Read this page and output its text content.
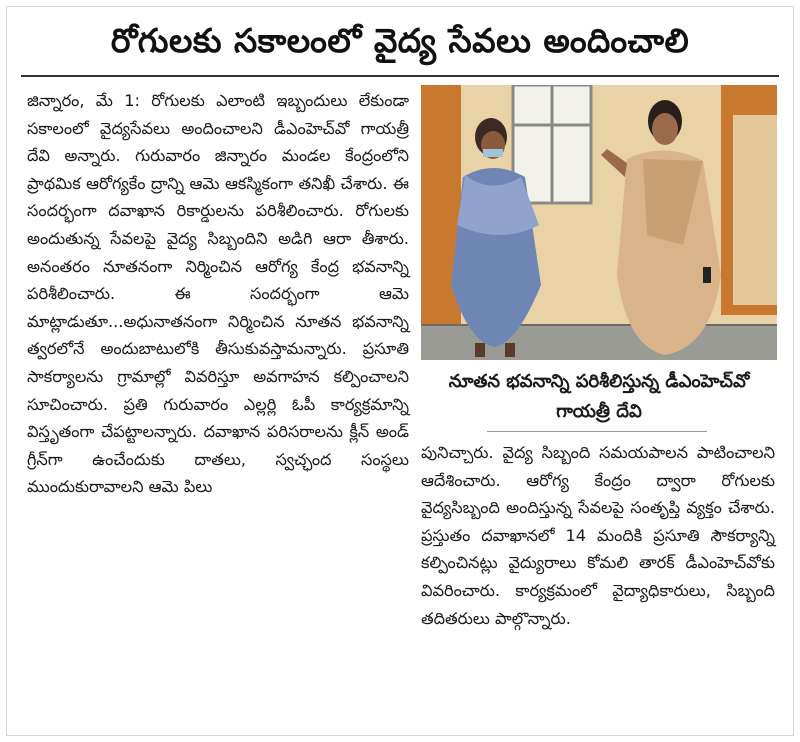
రోగులకు సకాలంలో వైద్య సేవలు అందించాలి

జిన్నారం, మే 1: రోగులకు ఎలాంటి ఇబ్బందులు లేకుండా సకాలంలో వైద్యసేవలు అందించాలని డీఎంహెచ్‌వో గాయత్రీ దేవి అన్నారు. గురువారం జిన్నారం మండల కేంద్రంలోని ప్రాథమిక ఆరోగ్యకేం ద్రాన్ని ఆమె ఆకస్మికంగా తనిఖీ చేశారు. ఈ సందర్భంగా దవాఖాన రికార్డులను పరిశీలించారు. రోగులకు అందుతున్న సేవలపై వైద్య సిబ్బందిని అడిగి ఆరా తీశారు. అనంతరం నూతనంగా నిర్మించిన ఆరోగ్య కేంద్ర భవనాన్ని పరిశీలించారు. ఈ సందర్భంగా ఆమె మాట్లాడుతూ...అధునాతనంగా నిర్మించిన నూతన భవనాన్ని త్వరలోనే అందుబాటులోకి తీసుకువస్తామన్నారు. ప్రసూతి సాకర్యాలను గ్రామాల్లో వివరిస్తూ అవగాహన కల్పించాలని సూచించారు. ప్రతి గురువారం ఎల్లర్లి ఓపీ కార్యక్రమాన్ని విస్తృతంగా చేపట్టాలన్నారు. దవాఖాన పరిసరాలను క్లీన్ అండ్ గ్రీన్‌గా ఉంచేందుకు దాతలు, స్వచ్ఛంద సంస్థలు ముందుకురావాలని ఆమె పిలు

నూతన భవనాన్ని పరిశీలిస్తున్న డీఎంహెచ్‌వో గాయత్రీ దేవి

పునిచ్చారు. వైద్య సిబ్బంది సమయపాలన పాటించాలని ఆదేశించారు. ఆరోగ్య కేంద్రం ద్వారా రోగులకు వైద్యసిబ్బంది అందిస్తున్న సేవలపై సంతృప్తి వ్యక్తం చేశారు. ప్రస్తుతం దవాఖానలో 14 మందికి ప్రసూతి సౌకర్యాన్ని కల్పించినట్లు వైద్యురాలు కోమలి తారక్ డీఎంహెచ్‌వోకు వివరించారు. కార్యక్రమంలో వైద్యాధికారులు, సిబ్బంది తదితరులు పాల్గొన్నారు.
